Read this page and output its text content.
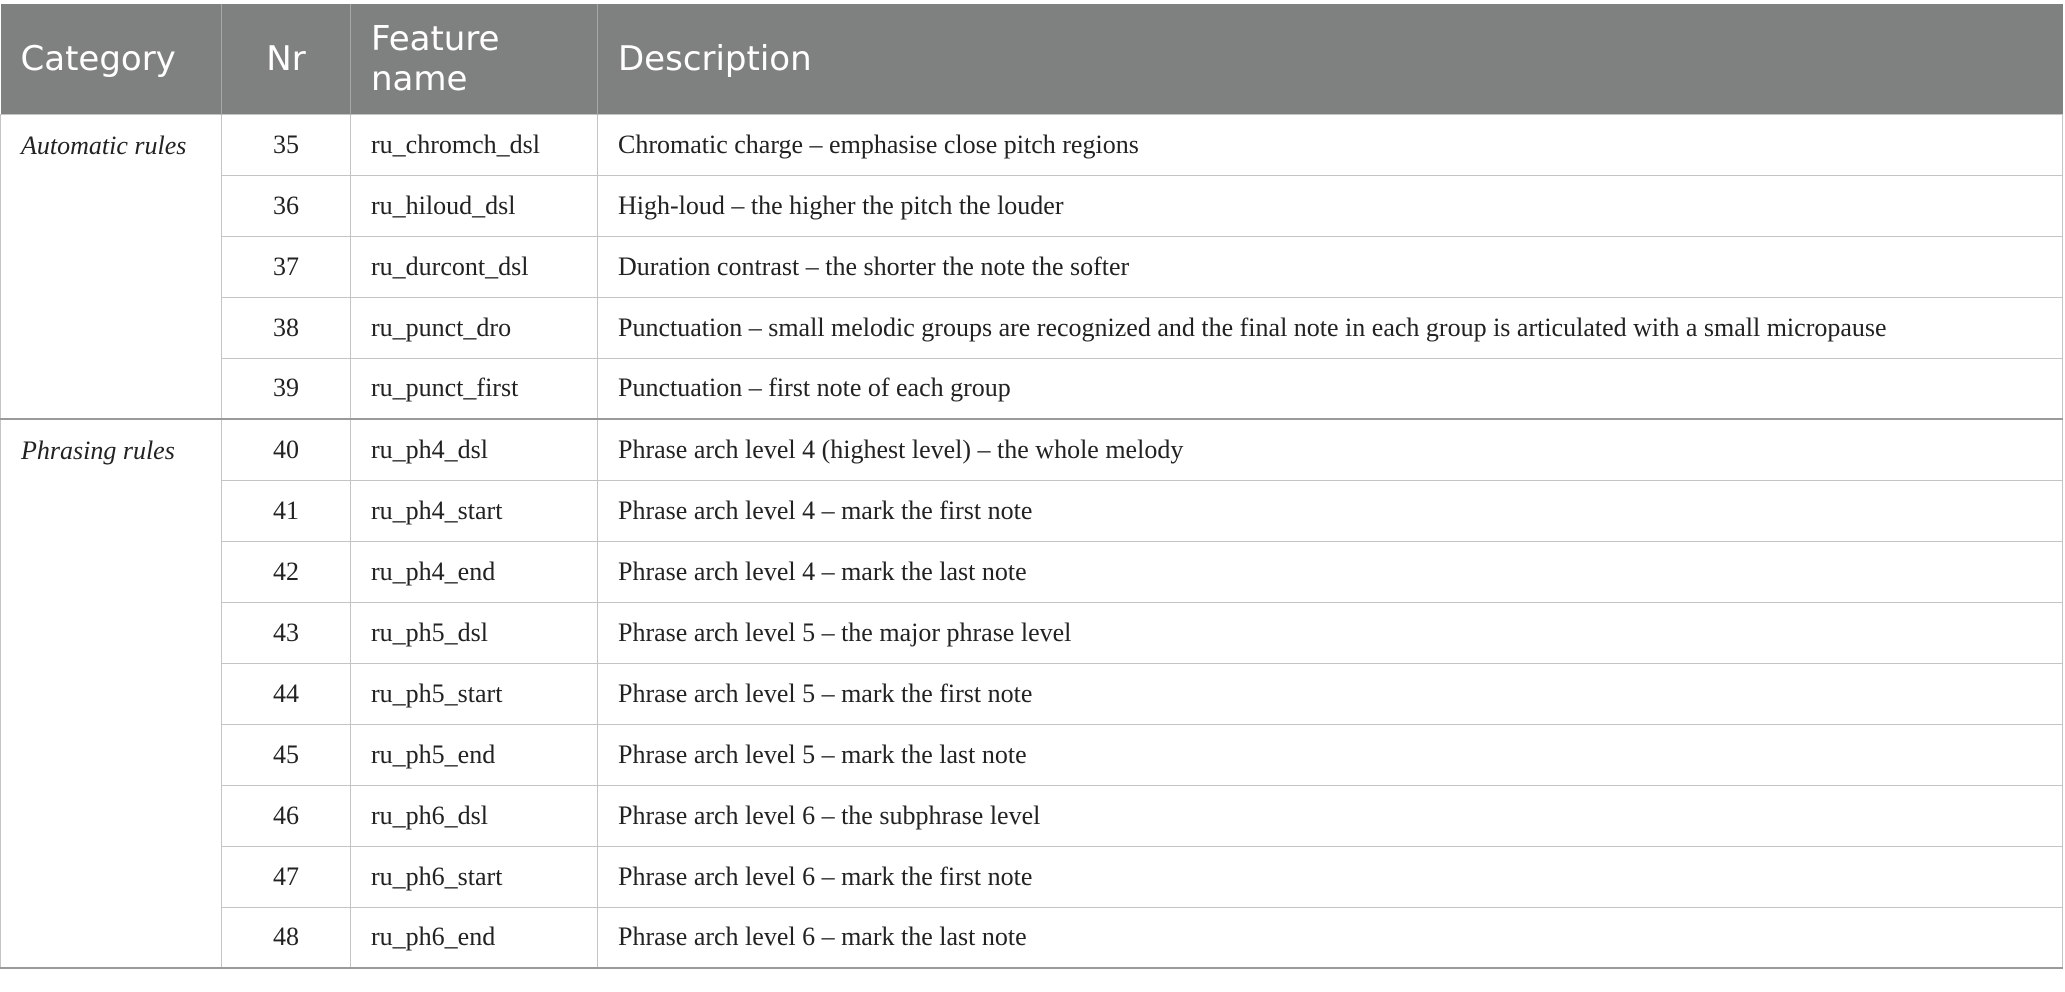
Category	Nr	Feature name	Description
Automatic rules	35	ru_chromch_dsl	Chromatic charge – emphasise close pitch regions
	36	ru_hiloud_dsl	High-loud – the higher the pitch the louder
	37	ru_durcont_dsl	Duration contrast – the shorter the note the softer
	38	ru_punct_dro	Punctuation – small melodic groups are recognized and the final note in each group is articulated with a small micropause
	39	ru_punct_first	Punctuation – first note of each group
Phrasing rules	40	ru_ph4_dsl	Phrase arch level 4 (highest level) – the whole melody
	41	ru_ph4_start	Phrase arch level 4 – mark the first note
	42	ru_ph4_end	Phrase arch level 4 – mark the last note
	43	ru_ph5_dsl	Phrase arch level 5 – the major phrase level
	44	ru_ph5_start	Phrase arch level 5 – mark the first note
	45	ru_ph5_end	Phrase arch level 5 – mark the last note
	46	ru_ph6_dsl	Phrase arch level 6 – the subphrase level
	47	ru_ph6_start	Phrase arch level 6 – mark the first note
	48	ru_ph6_end	Phrase arch level 6 – mark the last note
